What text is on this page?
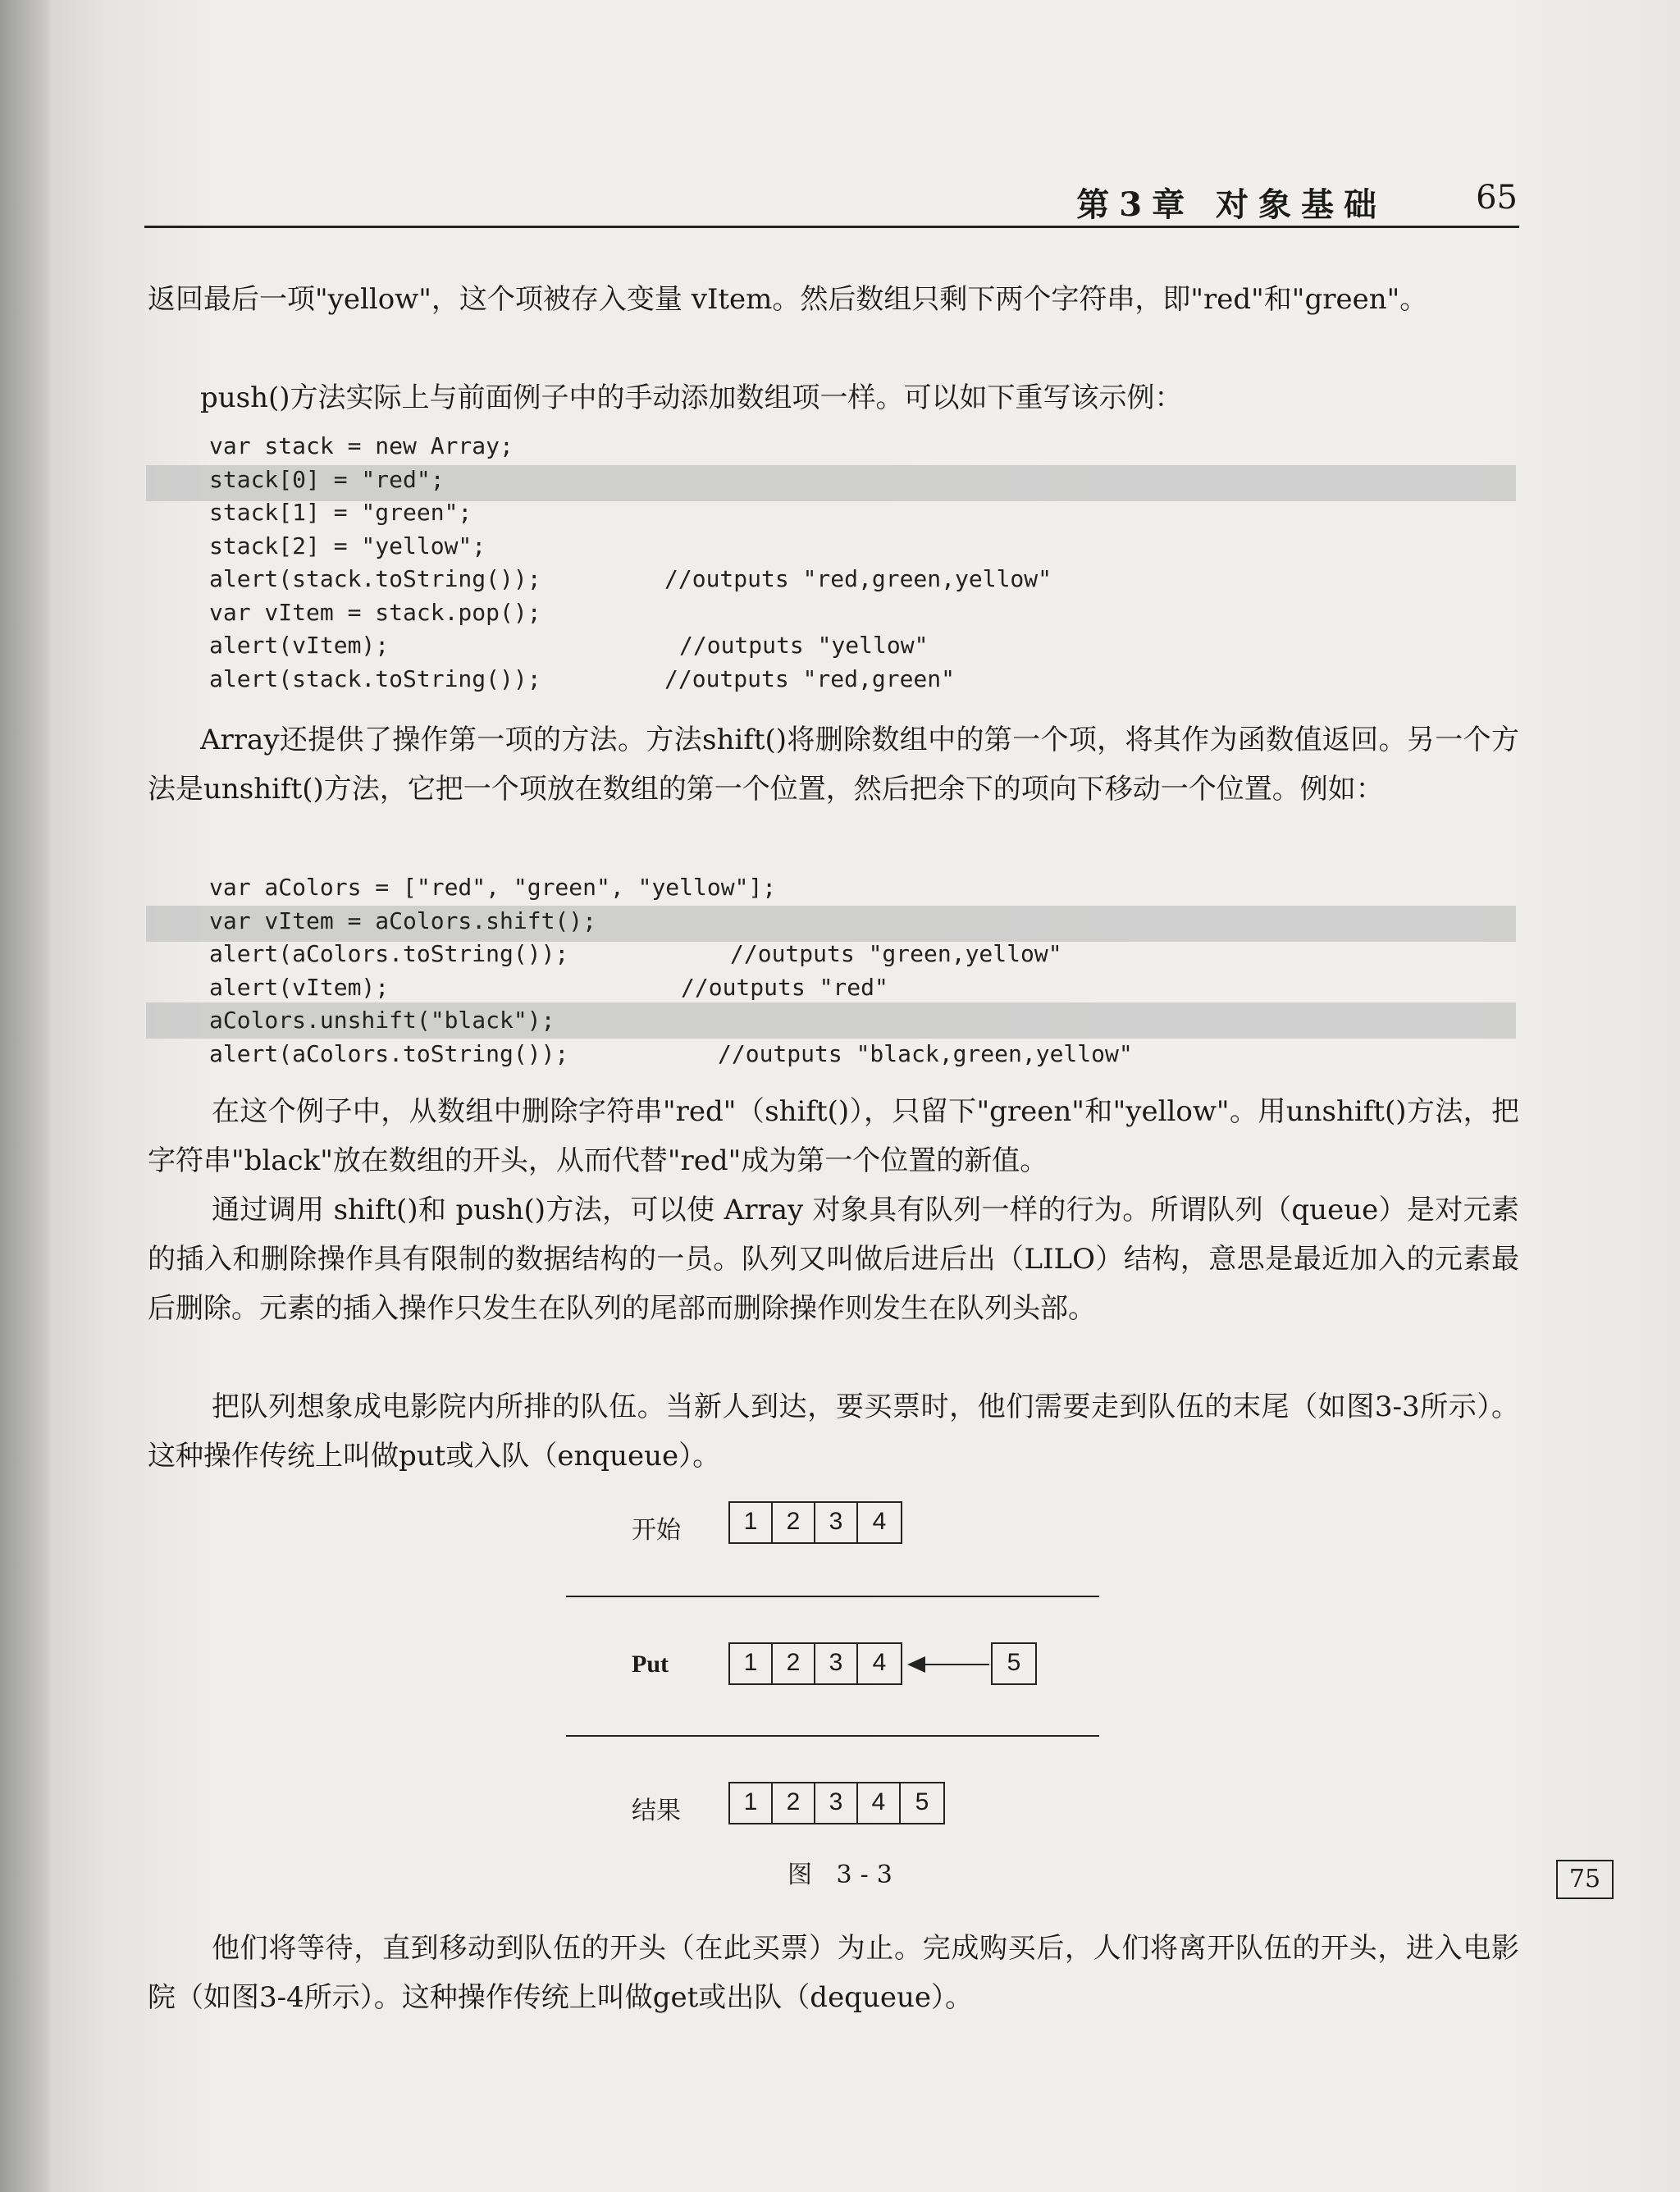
第3章 对象基础	65
返回最后一项"yellow"，这个项被存入变量 vItem。然后数组只剩下两个字符串，即"red"和"green"。
push()方法实际上与前面例子中的手动添加数组项一样。可以如下重写该示例：
var stack = new Array;
stack[0] = "red";
stack[1] = "green";
stack[2] = "yellow";
alert(stack.toString());	//outputs "red,green,yellow"
var vItem = stack.pop();
alert(vItem);	//outputs "yellow"
alert(stack.toString());	//outputs "red,green"
Array还提供了操作第一项的方法。方法shift()将删除数组中的第一个项，将其作为函数值返回。另一个方法是unshift()方法，它把一个项放在数组的第一个位置，然后把余下的项向下移动一个位置。例如：
var aColors = ["red", "green", "yellow"];
var vItem = aColors.shift();
alert(aColors.toString());	//outputs "green,yellow"
alert(vItem);	//outputs "red"
aColors.unshift("black");
alert(aColors.toString());	//outputs "black,green,yellow"
在这个例子中，从数组中删除字符串"red"（shift()），只留下"green"和"yellow"。用unshift()方法，把字符串"black"放在数组的开头，从而代替"red"成为第一个位置的新值。
通过调用 shift()和 push()方法，可以使 Array 对象具有队列一样的行为。所谓队列（queue）是对元素的插入和删除操作具有限制的数据结构的一员。队列又叫做后进后出（LILO）结构，意思是最近加入的元素最后删除。元素的插入操作只发生在队列的尾部而删除操作则发生在队列头部。
把队列想象成电影院内所排的队伍。当新人到达，要买票时，他们需要走到队伍的末尾（如图3-3所示）。这种操作传统上叫做put或入队（enqueue）。
开始	1	2	3	4
Put	1	2	3	4	5
结果	1	2	3	4	5
图 3-3	75
他们将等待，直到移动到队伍的开头（在此买票）为止。完成购买后，人们将离开队伍的开头，进入电影院（如图3-4所示）。这种操作传统上叫做get或出队（dequeue）。
